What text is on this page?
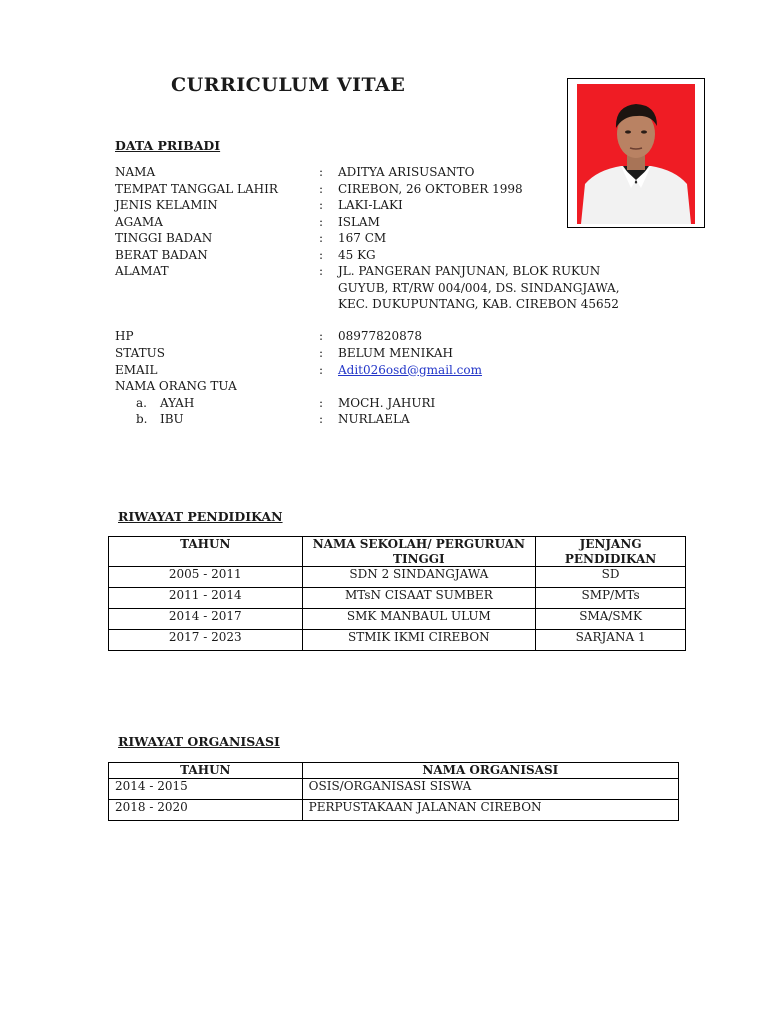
CURRICULUM VITAE
DATA PRIBADI
NAMA	: ADITYA ARISUSANTO
TEMPAT TANGGAL LAHIR	: CIREBON, 26 OKTOBER 1998
JENIS KELAMIN	: LAKI-LAKI
AGAMA	: ISLAM
TINGGI BADAN	: 167 CM
BERAT BADAN	: 45 KG
ALAMAT	: JL. PANGERAN PANJUNAN, BLOK RUKUN GUYUB, RT/RW 004/004, DS. SINDANGJAWA, KEC. DUKUPUNTANG, KAB. CIREBON 45652
HP	: 08977820878
STATUS	: BELUM MENIKAH
EMAIL	: Adit026osd@gmail.com
NAMA ORANG TUA
a. AYAH	: MOCH. JAHURI
b. IBU	: NURLAELA
RIWAYAT PENDIDIKAN
TAHUN	NAMA SEKOLAH/ PERGURUAN TINGGI	JENJANG PENDIDIKAN
2005 - 2011	SDN 2 SINDANGJAWA	SD
2011 - 2014	MTsN CISAAT SUMBER	SMP/MTs
2014 - 2017	SMK MANBAUL ULUM	SMA/SMK
2017 - 2023	STMIK IKMI CIREBON	SARJANA 1
RIWAYAT ORGANISASI
TAHUN	NAMA ORGANISASI
2014 - 2015	OSIS/ORGANISASI SISWA
2018 - 2020	PERPUSTAKAAN JALANAN CIREBON
